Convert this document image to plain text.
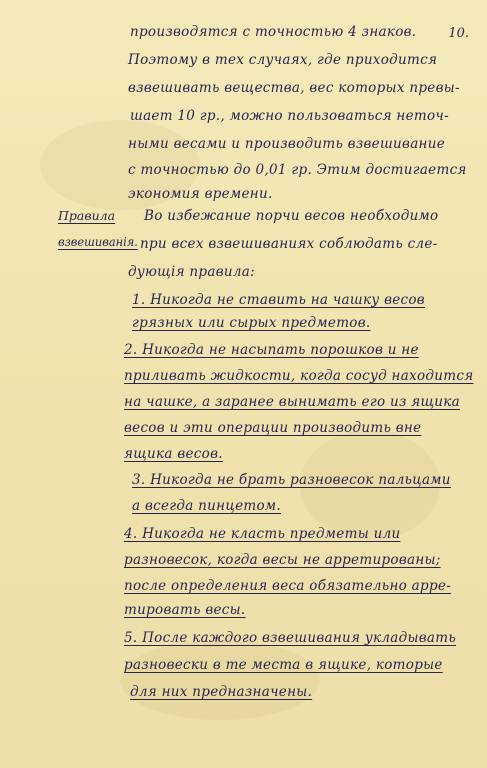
10.
производятся с точностью 4 знаков.
Поэтому в тех случаях, где приходится
взвешивать вещества, вес которых превы-
шает 10 гр., можно пользоваться неточ-
ными весами и производить взвешивание
с точностью до 0,01 гр. Этим достигается
экономия времени.
Правила
взвешиванiя.
Во избежание порчи весов необходимо
при всех взвешиваниях соблюдать сле-
дующiя правила:
1. Никогда не ставить на чашку весов
грязных или сырых предметов.
2. Никогда не насыпать порошков и не
приливать жидкости, когда сосуд находится
на чашке, а заранее вынимать его из ящика
весов и эти операции производить вне
ящика весов.
3. Никогда не брать разновесок пальцами
а всегда пинцетом.
4. Никогда не класть предметы или
разновесок, когда весы не арретированы;
после определения веса обязательно арре-
тировать весы.
5. После каждого взвешивания укладывать
разновески в те места в ящике, которые
для них предназначены.
